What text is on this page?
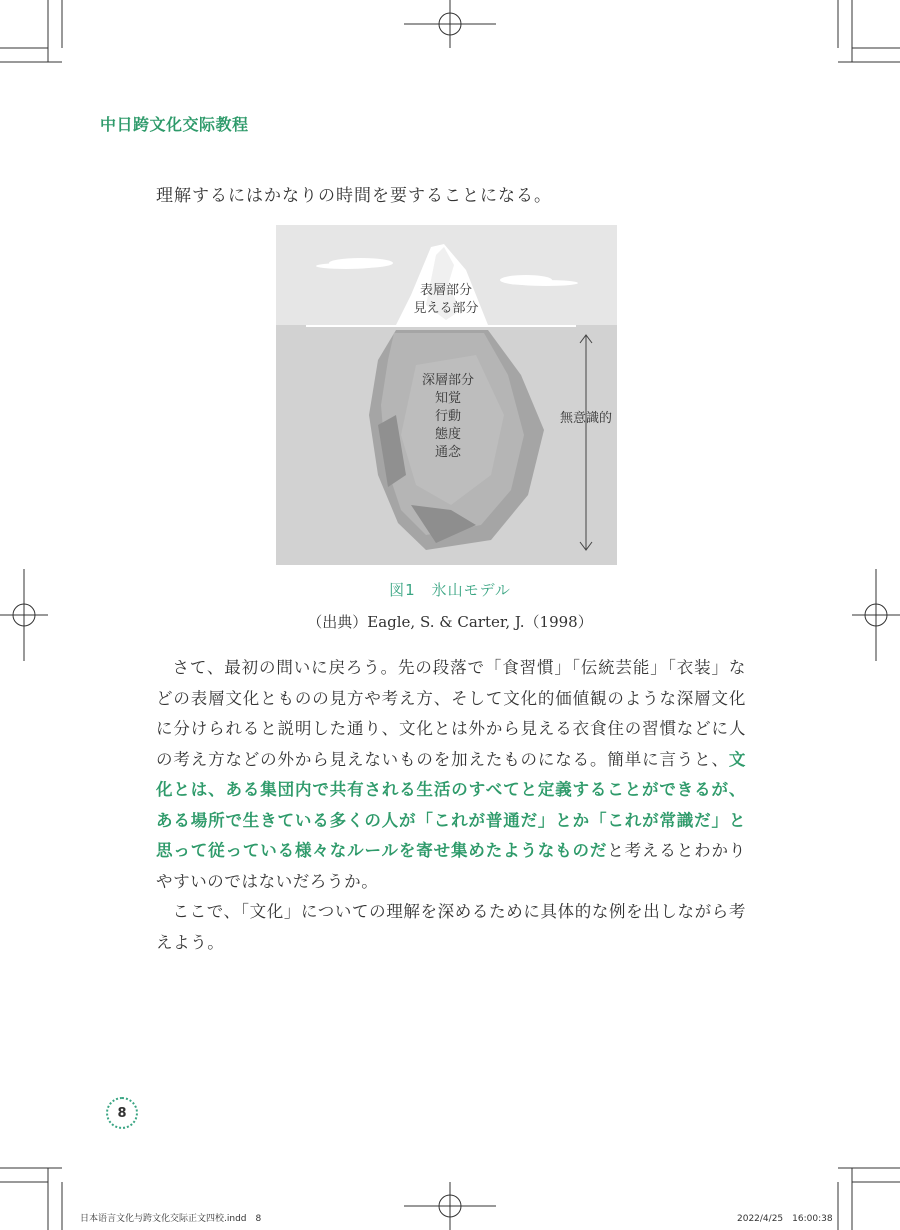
中日跨文化交际教程
理解するにはかなりの時間を要することになる。
表層部分
見える部分
深層部分
知覚
行動
態度
通念
無意識的
図1　氷山モデル
（出典）Eagle, S. & Carter, J.（1998）

さて、最初の問いに戻ろう。先の段落で「食習慣」「伝統芸能」「衣装」などの表層文化とものの見方や考え方、そして文化的価値観のような深層文化に分けられると説明した通り、文化とは外から見える衣食住の習慣などに人の考え方などの外から見えないものを加えたものになる。簡単に言うと、文化とは、ある集団内で共有される生活のすべてと定義することができるが、ある場所で生きている多くの人が「これが普通だ」とか「これが常識だ」と思って従っている様々なルールを寄せ集めたようなものだと考えるとわかりやすいのではないだろうか。

ここで、「文化」についての理解を深めるために具体的な例を出しながら考えよう。

8
日本语言文化与跨文化交际正文四校.indd　8	2022/4/25　16:00:38
